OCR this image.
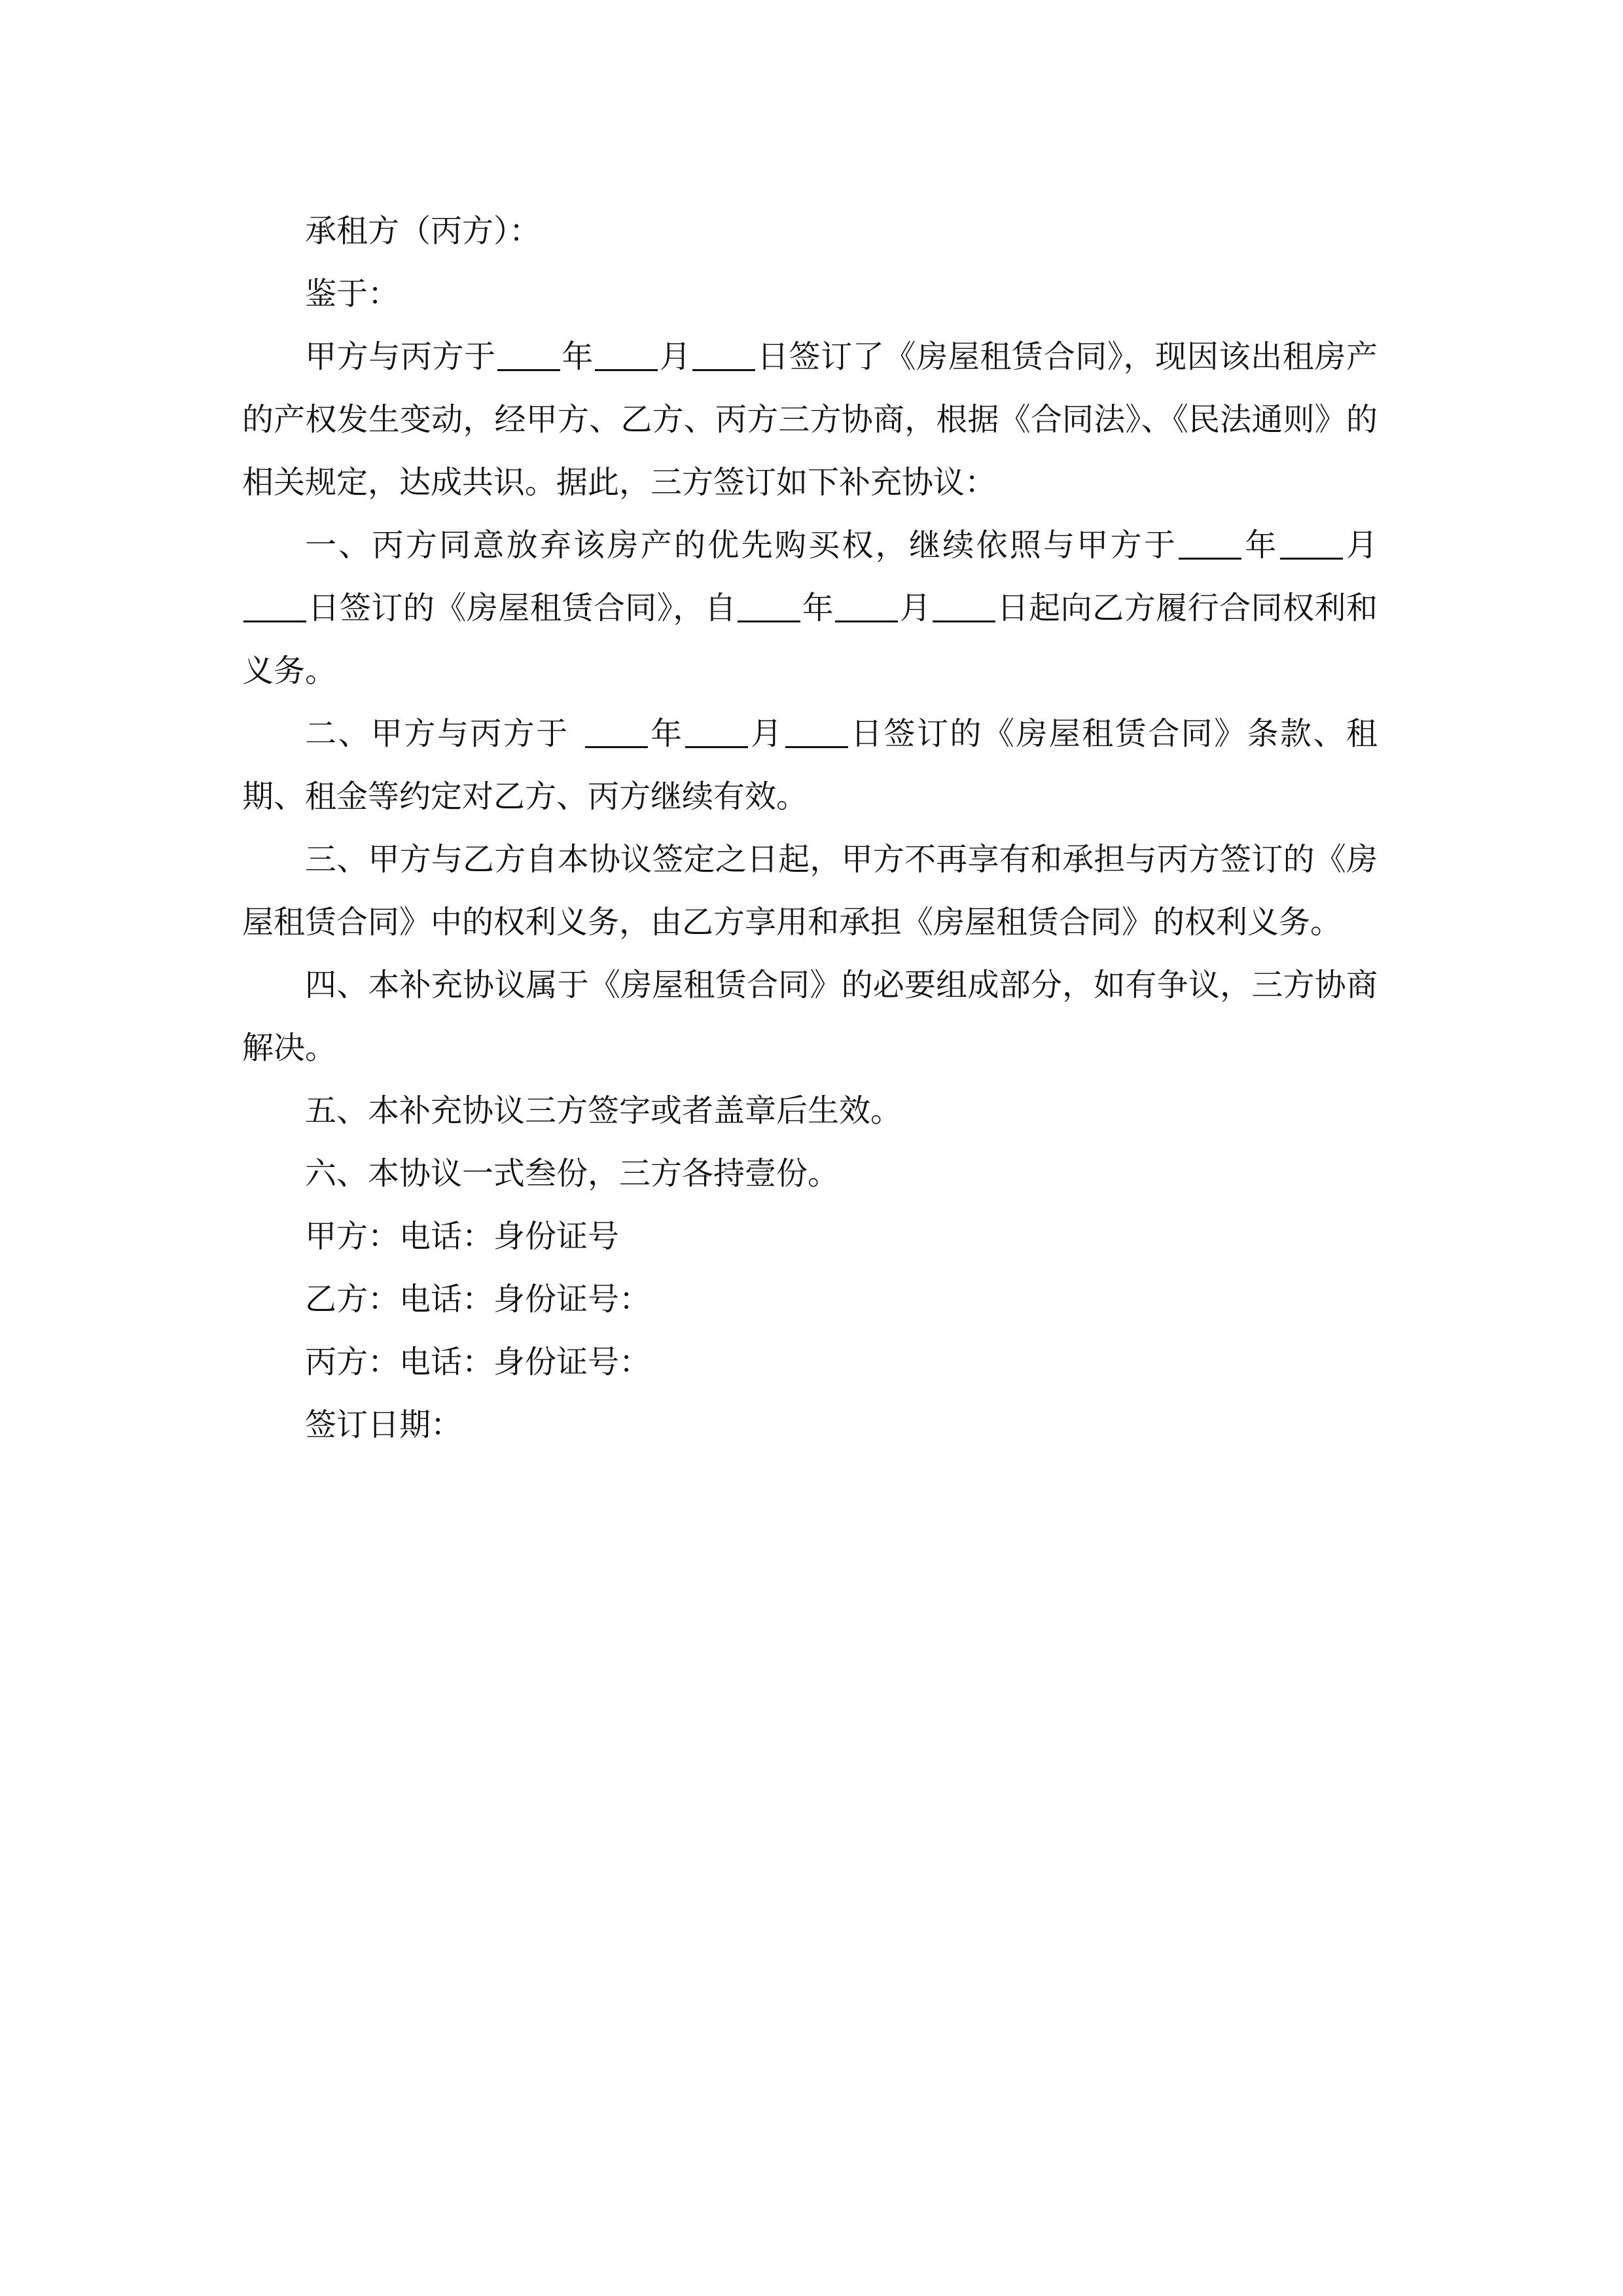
承租方（丙方）：

鉴于：

甲方与丙方于 年 月 日签订了《房屋租赁合同》，现因该出租房产的产权发生变动，经甲方、乙方、丙方三方协商，根据《合同法》、《民法通则》的相关规定，达成共识。据此，三方签订如下补充协议：

一、丙方同意放弃该房产的优先购买权，继续依照与甲方于 年 月日签订的《房屋租赁合同》，自 年 月 日起向乙方履行合同权利和义务。

二、甲方与丙方于	年 月 日签订的《房屋租赁合同》条款、租期、租金等约定对乙方、丙方继续有效。

三、甲方与乙方自本协议签定之日起，甲方不再享有和承担与丙方签订的《房屋租赁合同》中的权利义务，由乙方享用和承担《房屋租赁合同》的权利义务。

四、本补充协议属于《房屋租赁合同》的必要组成部分，如有争议，三方协商解决。

五、本补充协议三方签字或者盖章后生效。

六、本协议一式叁份，三方各持壹份。

甲方：电话：身份证号

乙方：电话：身份证号：

丙方：电话：身份证号：

签订日期：
